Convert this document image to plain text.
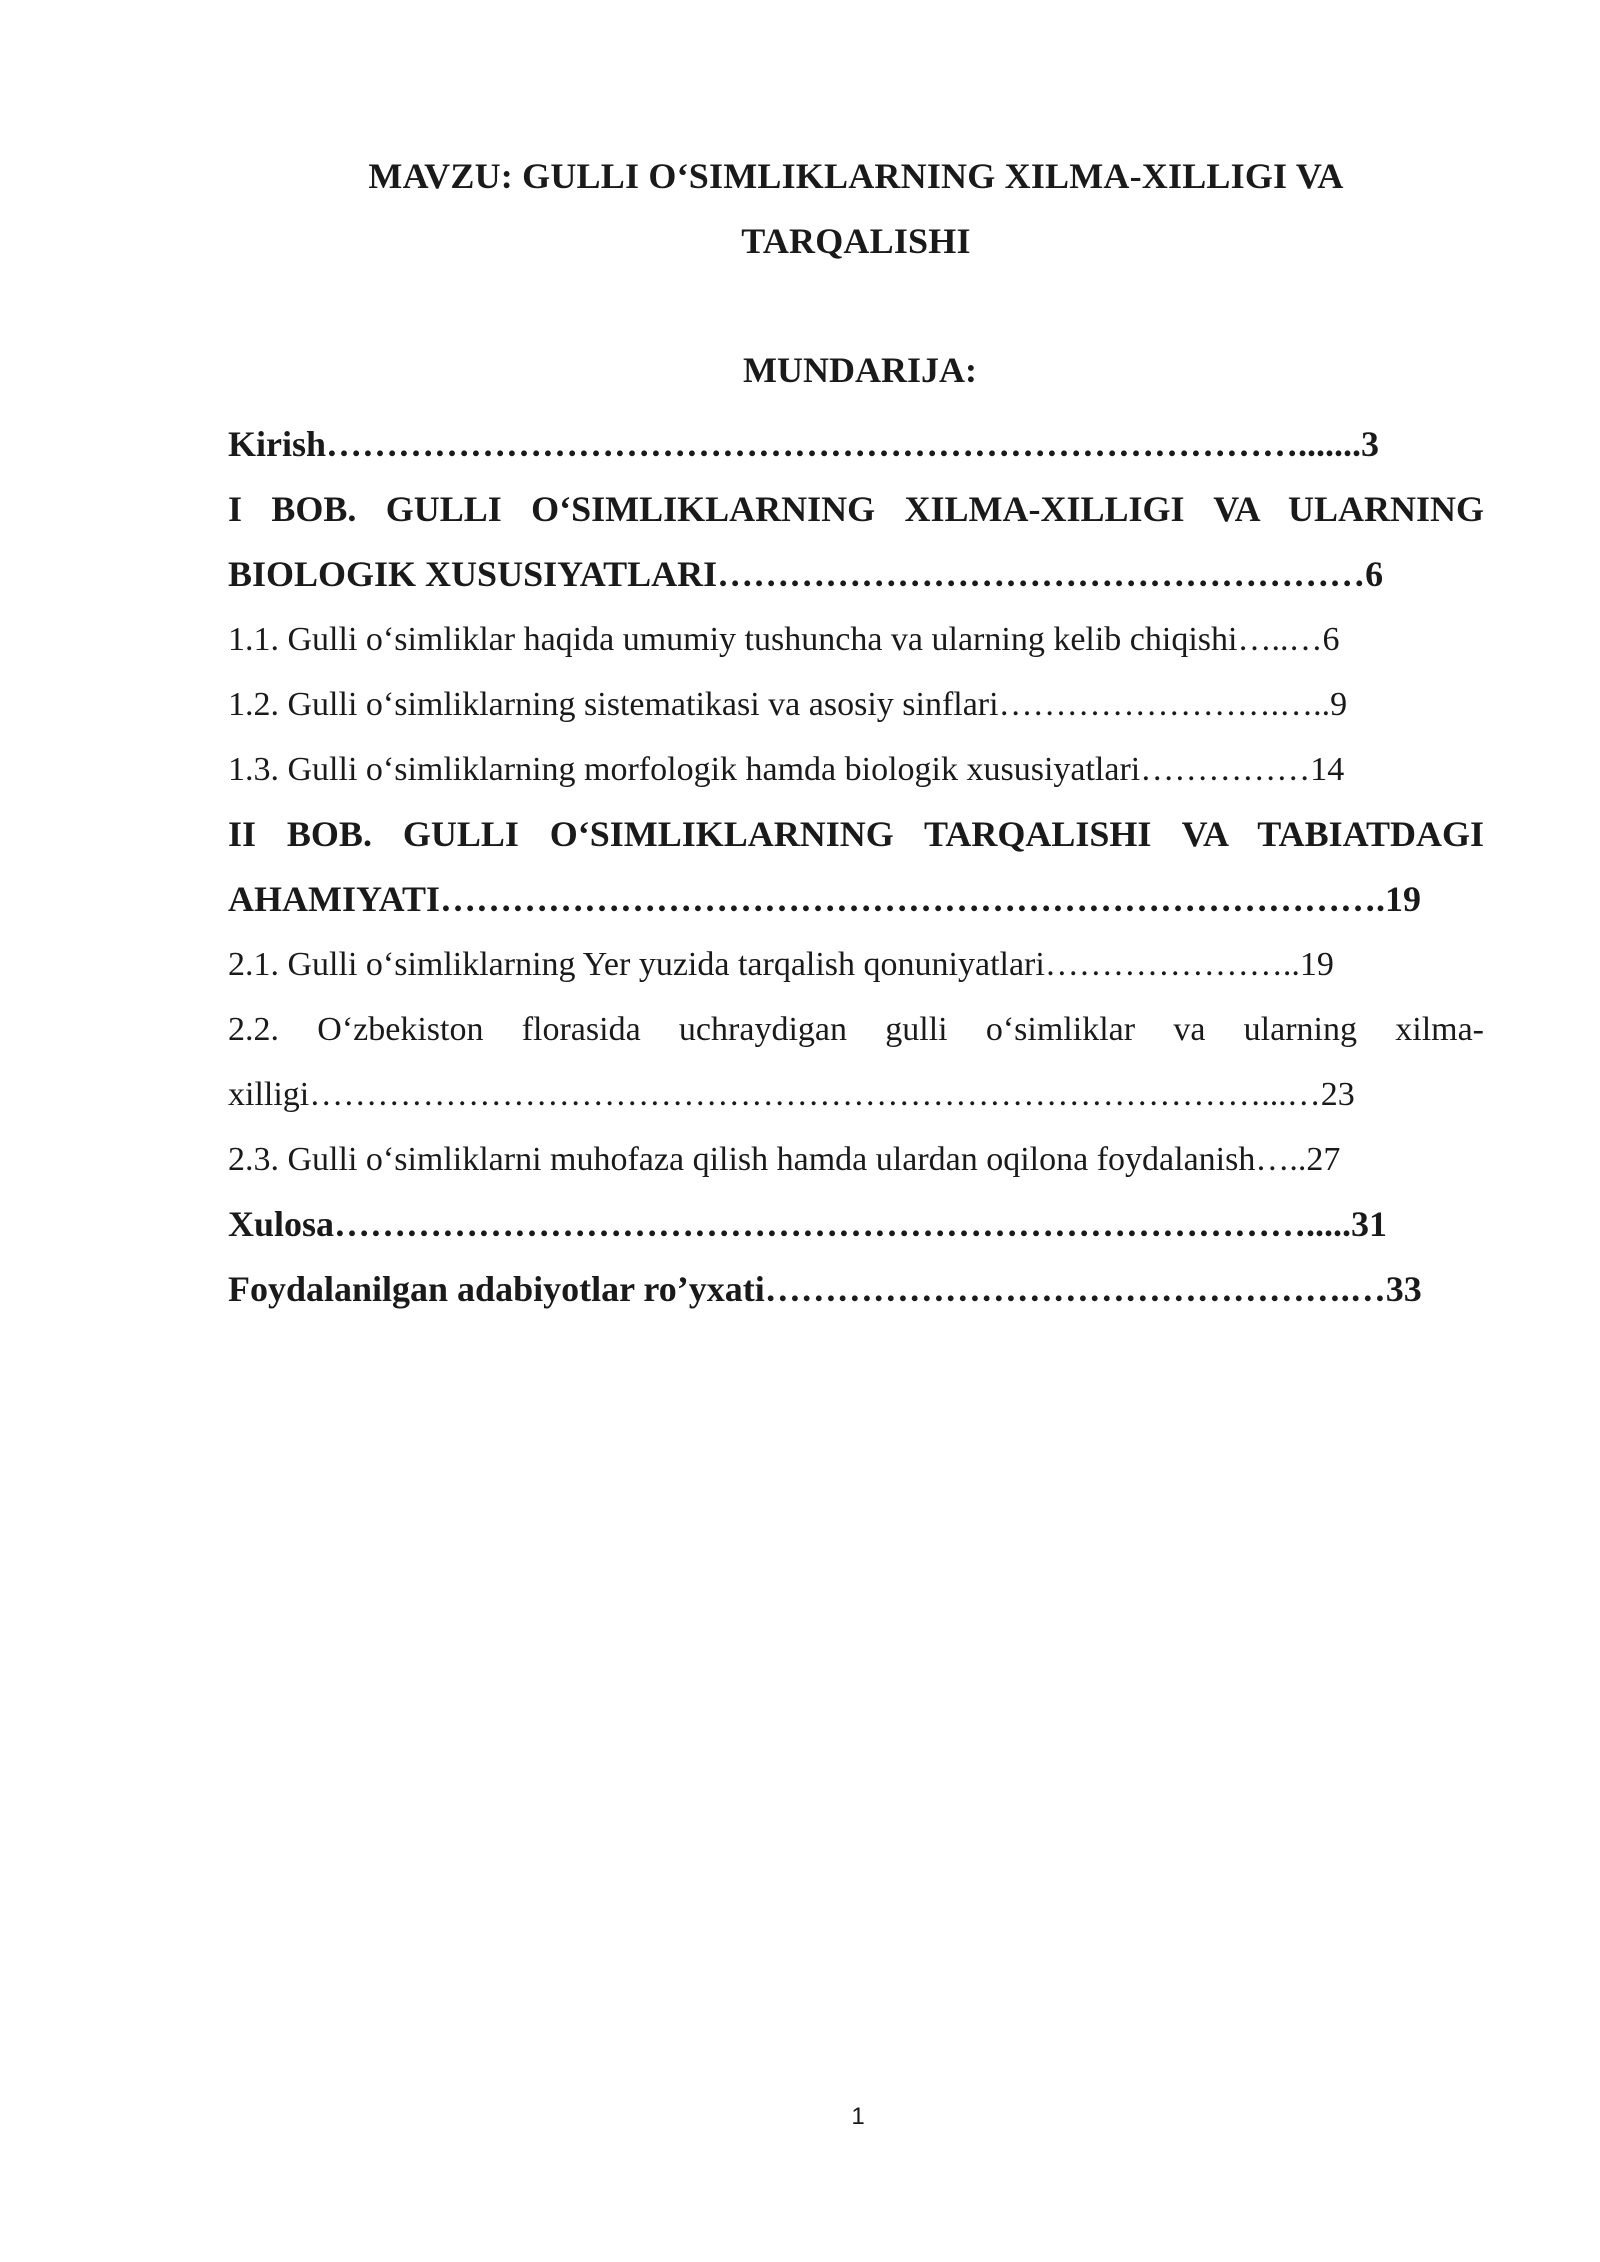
MAVZU: GULLI O‘SIMLIKLARNING XILMA-XILLIGI VA
TARQALISHI
MUNDARIJA:
Kirish……………………………………………………………………….......3
I BOB. GULLI O‘SIMLIKLARNING XILMA-XILLIGI VA ULARNING
BIOLOGIK XUSUSIYATLARI………………………………………………6
1.1. Gulli o‘simliklar haqida umumiy tushuncha va ularning kelib chiqishi…..…6
1.2. Gulli o‘simliklarning sistematikasi va asosiy sinflari…………………….…..9
1.3. Gulli o‘simliklarning morfologik hamda biologik xususiyatlari……………14
II BOB. GULLI O‘SIMLIKLARNING TARQALISHI VA TABIATDAGI
AHAMIYATI…………………………………………………………………….19
2.1. Gulli o‘simliklarning Yer yuzida tarqalish qonuniyatlari…………………..19
2.2. O‘zbekiston florasida uchraydigan gulli o‘simliklar va ularning xilma-
xilligi…………………………………………………………………………...…23
2.3. Gulli o‘simliklarni muhofaza qilish hamda ulardan oqilona foydalanish…..27
Xulosa……………………………………………………………………….....31
Foydalanilgan adabiyotlar ro’yxati………………………………………….…33
1
